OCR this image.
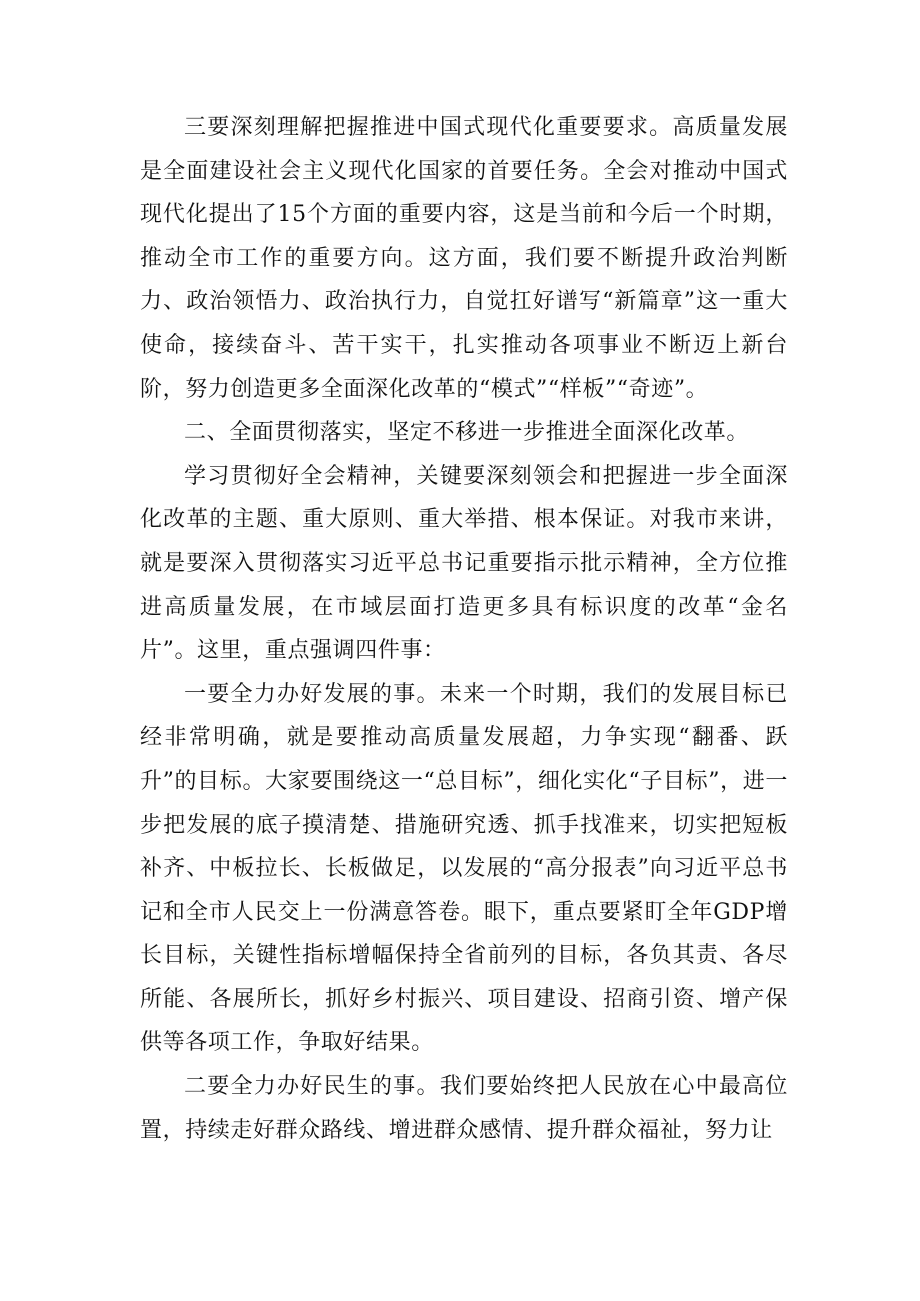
三要深刻理解把握推进中国式现代化重要要求。高质量发展是全面建设社会主义现代化国家的首要任务。全会对推动中国式现代化提出了15个方面的重要内容，这是当前和今后一个时期，推动全市工作的重要方向。这方面，我们要不断提升政治判断力、政治领悟力、政治执行力，自觉扛好谱写“新篇章”这一重大使命，接续奋斗、苦干实干，扎实推动各项事业不断迈上新台阶，努力创造更多全面深化改革的“模式”“样板”“奇迹”。

二、全面贯彻落实，坚定不移进一步推进全面深化改革。

学习贯彻好全会精神，关键要深刻领会和把握进一步全面深化改革的主题、重大原则、重大举措、根本保证。对我市来讲，就是要深入贯彻落实习近平总书记重要指示批示精神，全方位推进高质量发展，在市域层面打造更多具有标识度的改革“金名片”。这里，重点强调四件事：

一要全力办好发展的事。未来一个时期，我们的发展目标已经非常明确，就是要推动高质量发展超，力争实现“翻番、跃升”的目标。大家要围绕这一“总目标”，细化实化“子目标”，进一步把发展的底子摸清楚、措施研究透、抓手找准来，切实把短板补齐、中板拉长、长板做足，以发展的“高分报表”向习近平总书记和全市人民交上一份满意答卷。眼下，重点要紧盯全年GDP增长目标，关键性指标增幅保持全省前列的目标，各负其责、各尽所能、各展所长，抓好乡村振兴、项目建设、招商引资、增产保供等各项工作，争取好结果。

二要全力办好民生的事。我们要始终把人民放在心中最高位置，持续走好群众路线、增进群众感情、提升群众福祉，努力让
